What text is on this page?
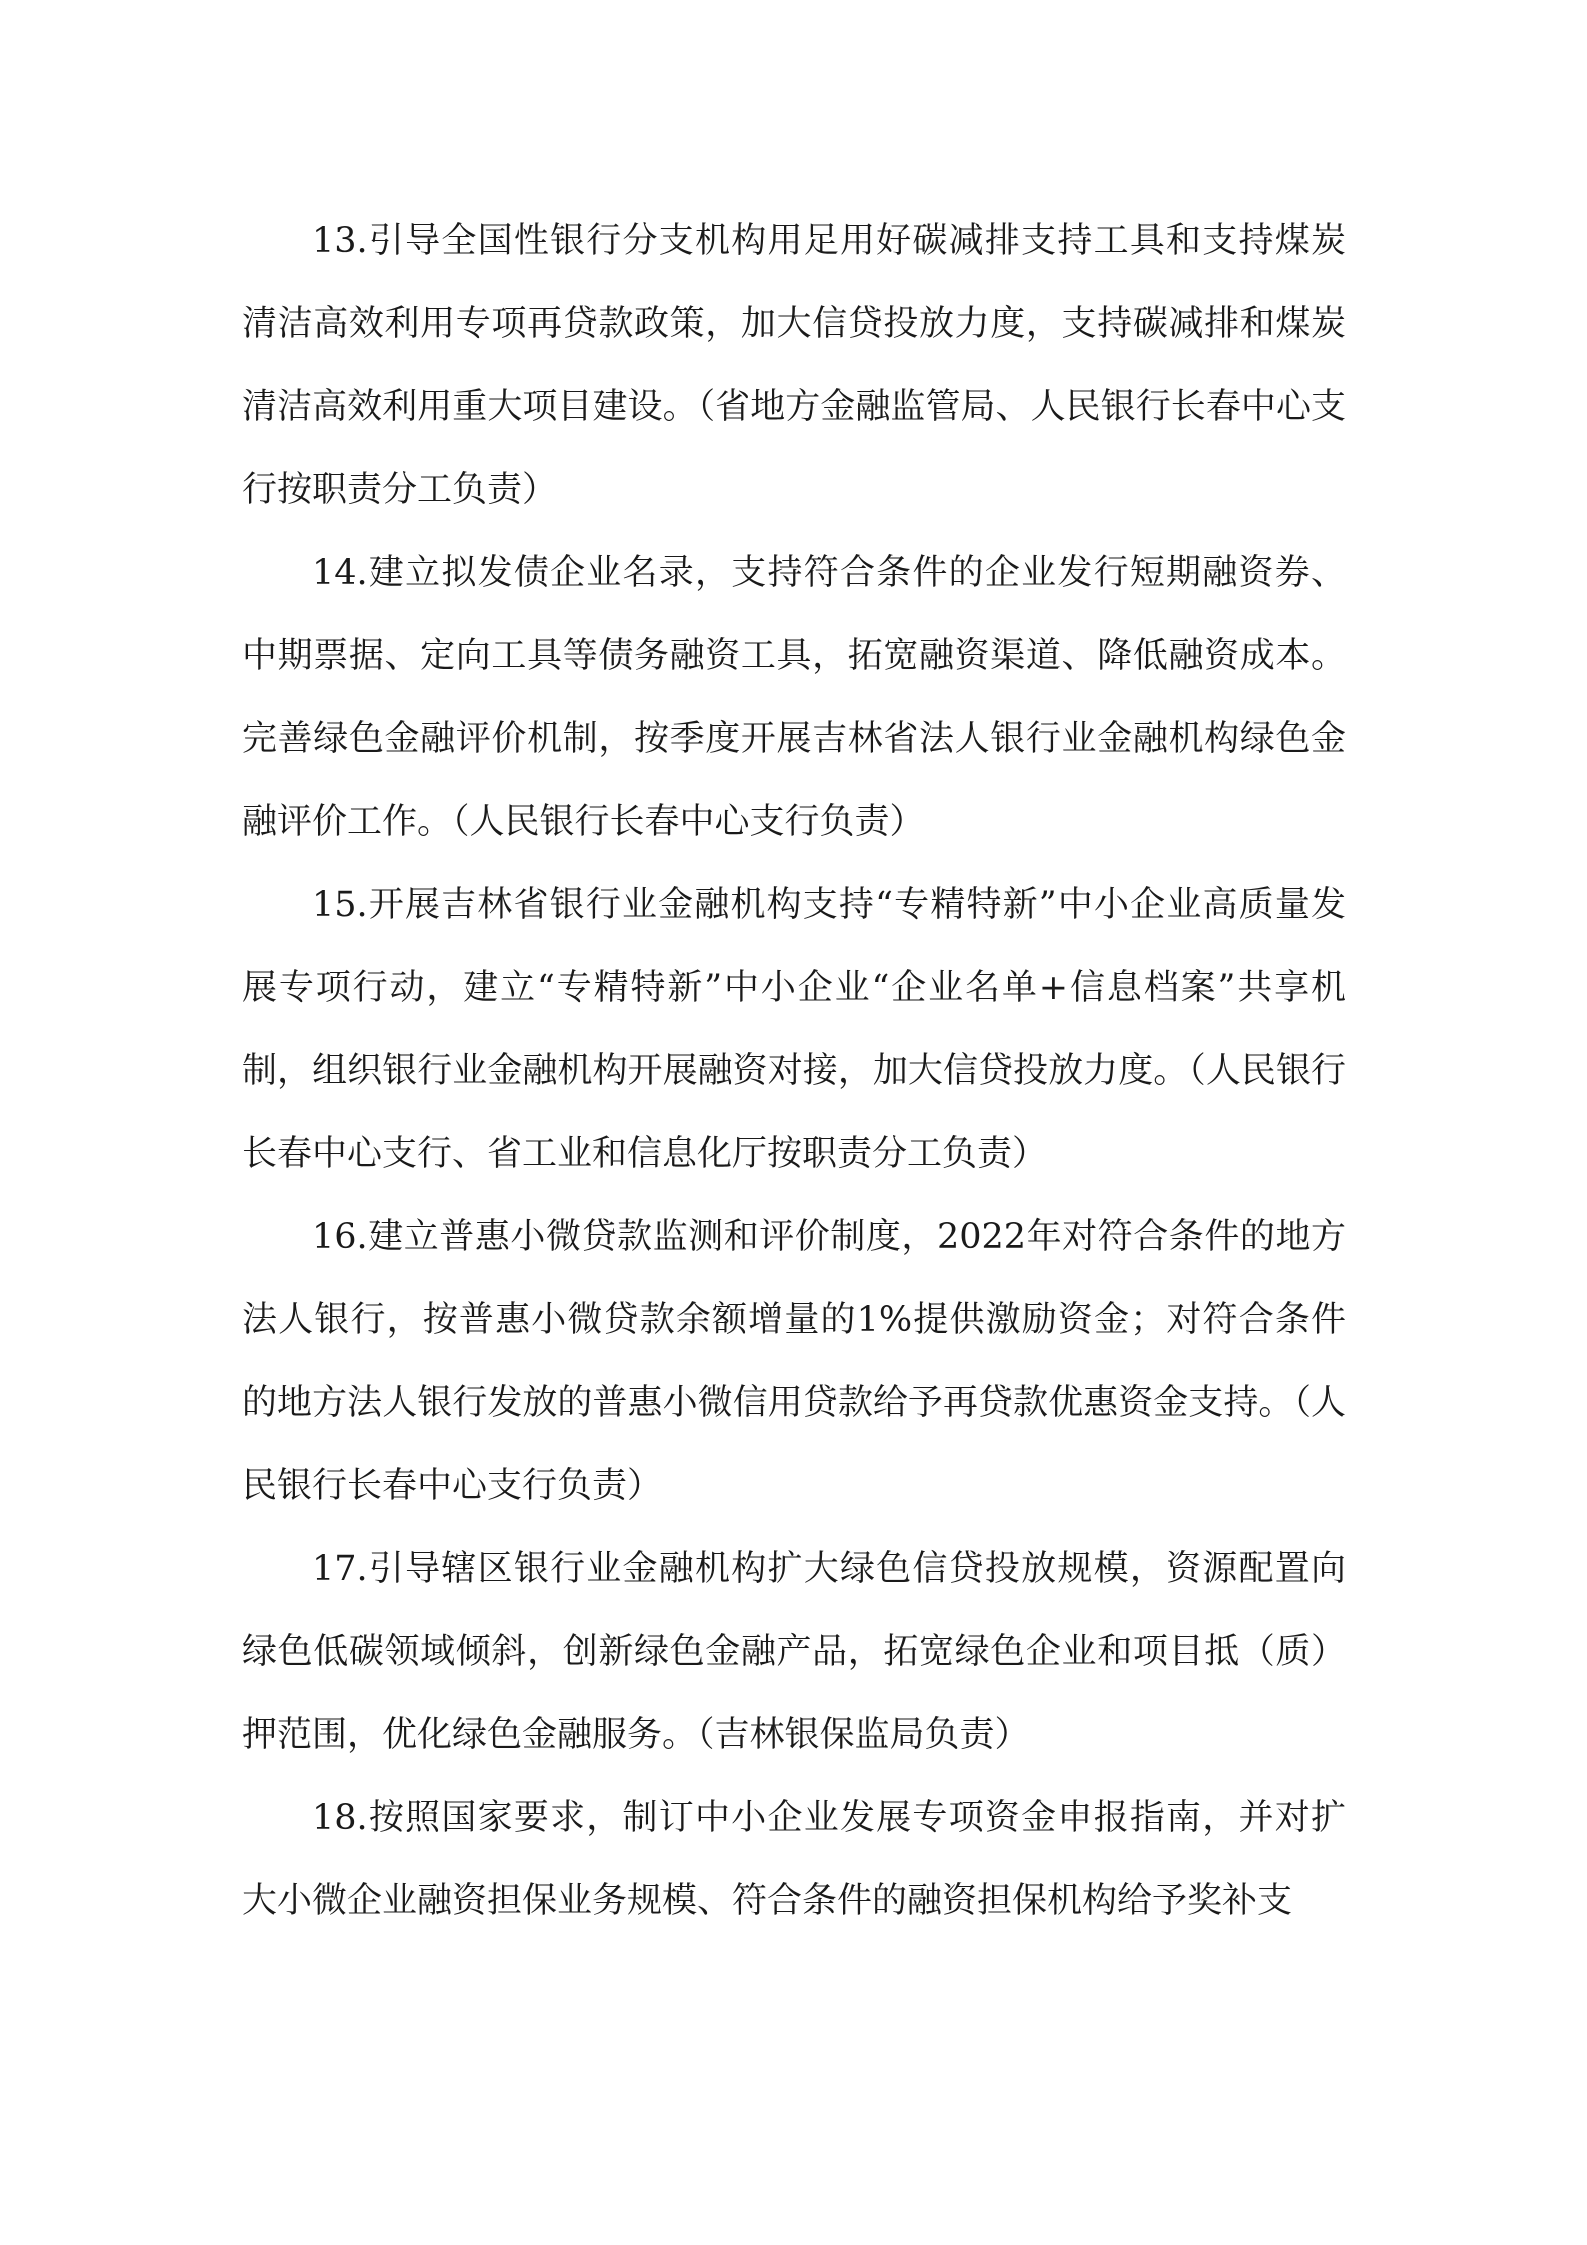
13.引导全国性银行分支机构用足用好碳减排支持工具和支持煤炭清洁高效利用专项再贷款政策，加大信贷投放力度，支持碳减排和煤炭清洁高效利用重大项目建设。（省地方金融监管局、人民银行长春中心支行按职责分工负责）

14.建立拟发债企业名录，支持符合条件的企业发行短期融资券、中期票据、定向工具等债务融资工具，拓宽融资渠道、降低融资成本。完善绿色金融评价机制，按季度开展吉林省法人银行业金融机构绿色金融评价工作。（人民银行长春中心支行负责）

15.开展吉林省银行业金融机构支持“专精特新”中小企业高质量发展专项行动，建立“专精特新”中小企业“企业名单+信息档案”共享机制，组织银行业金融机构开展融资对接，加大信贷投放力度。（人民银行长春中心支行、省工业和信息化厅按职责分工负责）

16.建立普惠小微贷款监测和评价制度，2022年对符合条件的地方法人银行，按普惠小微贷款余额增量的1%提供激励资金；对符合条件的地方法人银行发放的普惠小微信用贷款给予再贷款优惠资金支持。（人民银行长春中心支行负责）

17.引导辖区银行业金融机构扩大绿色信贷投放规模，资源配置向绿色低碳领域倾斜，创新绿色金融产品，拓宽绿色企业和项目抵（质）押范围，优化绿色金融服务。（吉林银保监局负责）

18.按照国家要求，制订中小企业发展专项资金申报指南，并对扩大小微企业融资担保业务规模、符合条件的融资担保机构给予奖补支
